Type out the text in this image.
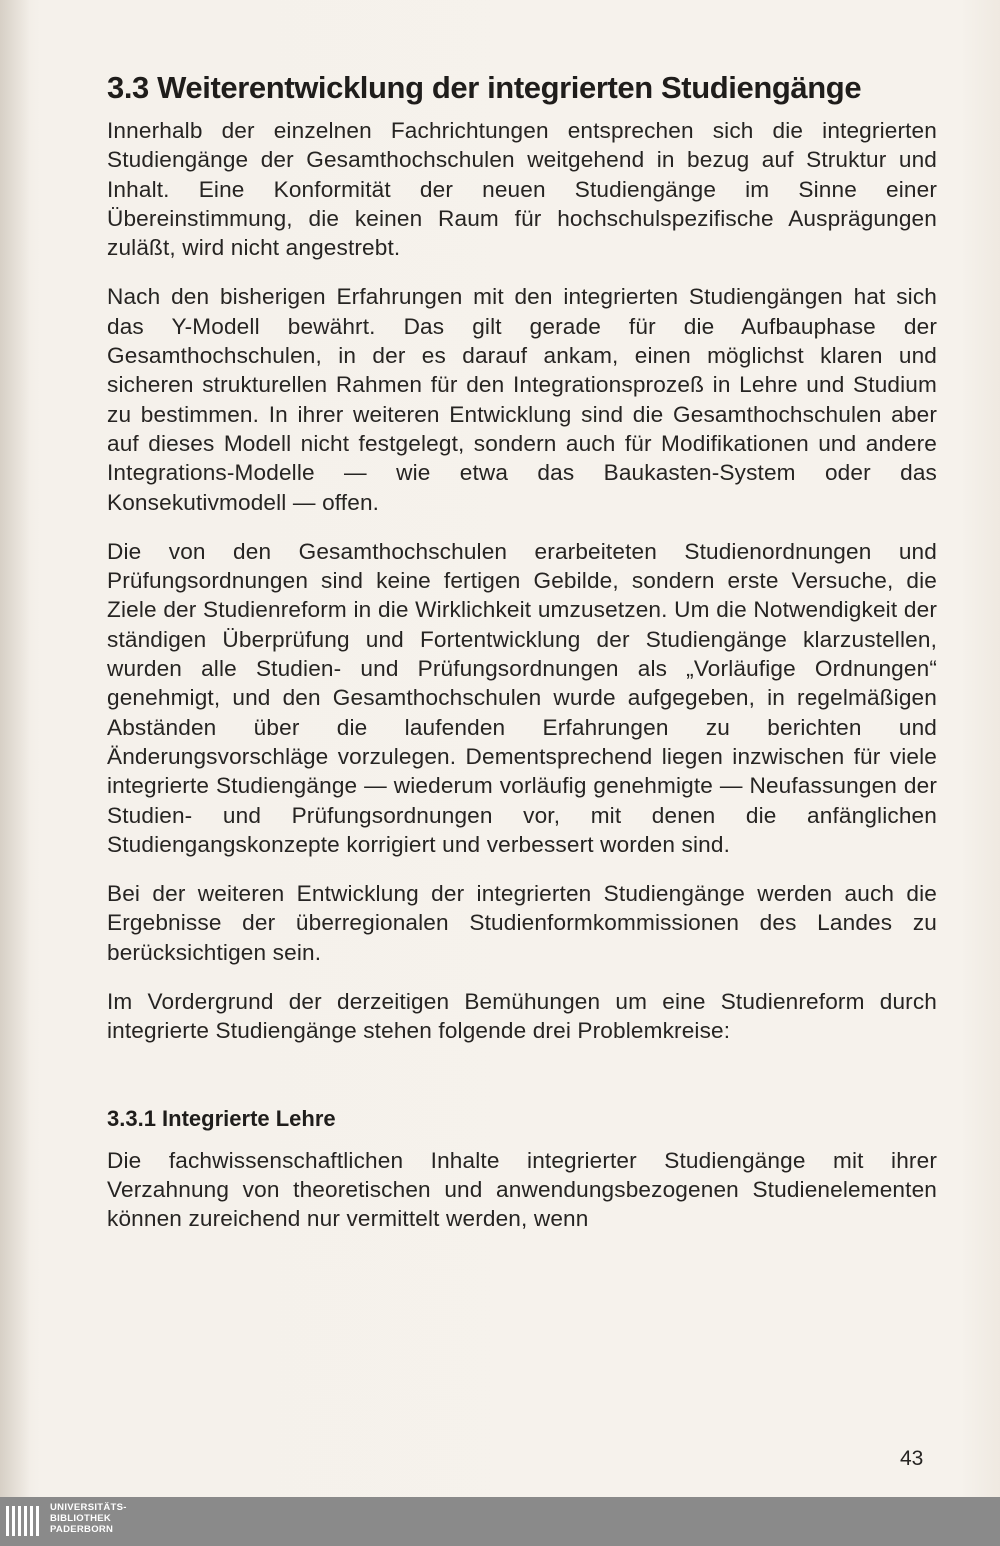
3.3 Weiterentwicklung der integrierten Studiengänge

Innerhalb der einzelnen Fachrichtungen entsprechen sich die integrierten Studiengänge der Gesamthochschulen weitgehend in bezug auf Struktur und Inhalt. Eine Konformität der neuen Studiengänge im Sinne einer Übereinstimmung, die keinen Raum für hochschulspezifische Ausprägungen zuläßt, wird nicht angestrebt.

Nach den bisherigen Erfahrungen mit den integrierten Studiengängen hat sich das Y-Modell bewährt. Das gilt gerade für die Aufbauphase der Gesamthochschulen, in der es darauf ankam, einen möglichst klaren und sicheren strukturellen Rahmen für den Integrationsprozeß in Lehre und Studium zu bestimmen. In ihrer weiteren Entwicklung sind die Gesamthochschulen aber auf dieses Modell nicht festgelegt, sondern auch für Modifikationen und andere Integrations-Modelle — wie etwa das Baukasten-System oder das Konsekutivmodell — offen.

Die von den Gesamthochschulen erarbeiteten Studienordnungen und Prüfungsordnungen sind keine fertigen Gebilde, sondern erste Versuche, die Ziele der Studienreform in die Wirklichkeit umzusetzen. Um die Notwendigkeit der ständigen Überprüfung und Fortentwicklung der Studiengänge klarzustellen, wurden alle Studien- und Prüfungsordnungen als „Vorläufige Ordnungen“ genehmigt, und den Gesamthochschulen wurde aufgegeben, in regelmäßigen Abständen über die laufenden Erfahrungen zu berichten und Änderungsvorschläge vorzulegen. Dementsprechend liegen inzwischen für viele integrierte Studiengänge — wiederum vorläufig genehmigte — Neufassungen der Studien- und Prüfungsordnungen vor, mit denen die anfänglichen Studiengangskonzepte korrigiert und verbessert worden sind.

Bei der weiteren Entwicklung der integrierten Studiengänge werden auch die Ergebnisse der überregionalen Studienformkommissionen des Landes zu berücksichtigen sein.

Im Vordergrund der derzeitigen Bemühungen um eine Studienreform durch integrierte Studiengänge stehen folgende drei Problemkreise:

3.3.1 Integrierte Lehre

Die fachwissenschaftlichen Inhalte integrierter Studiengänge mit ihrer Verzahnung von theoretischen und anwendungsbezogenen Studienelementen können zureichend nur vermittelt werden, wenn

43
UNIVERSITÄTS-
BIBLIOTHEK
PADERBORN
